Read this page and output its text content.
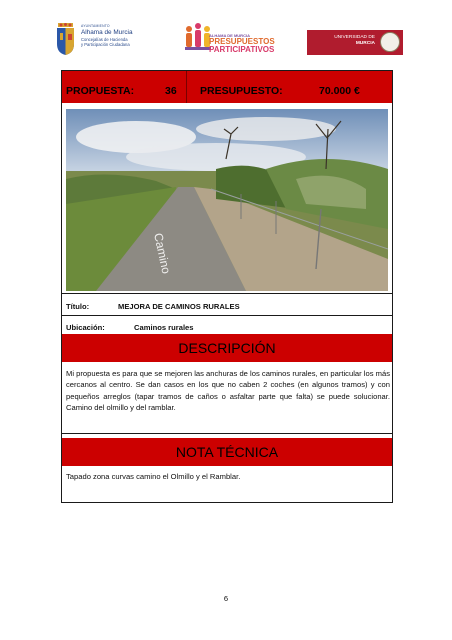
AYUNTAMIENTO
Alhama de Murcia
Concejalías de Hacienda
y Participación Ciudadana
ALHAMA DE MURCIA
PRESUPUESTOS
PARTICIPATIVOS
UNIVERSIDAD DE
MURCIA
PROPUESTA:	36 PRESUPUESTO:	70.000 €
Camino
Título:	MEJORA DE CAMINOS RURALES
Ubicación:	Caminos rurales
DESCRIPCIÓN
Mi propuesta es para que se mejoren las anchuras de los caminos rurales, en particular los más cercanos al centro. Se dan casos en los que no caben 2 coches (en algunos tramos) y con pequeños arreglos (tapar tramos de caños o asfaltar parte que falta) se puede solucionar. Camino del olmillo y del ramblar.
NOTA TÉCNICA
Tapado zona curvas camino el Olmillo y el Ramblar.
6
